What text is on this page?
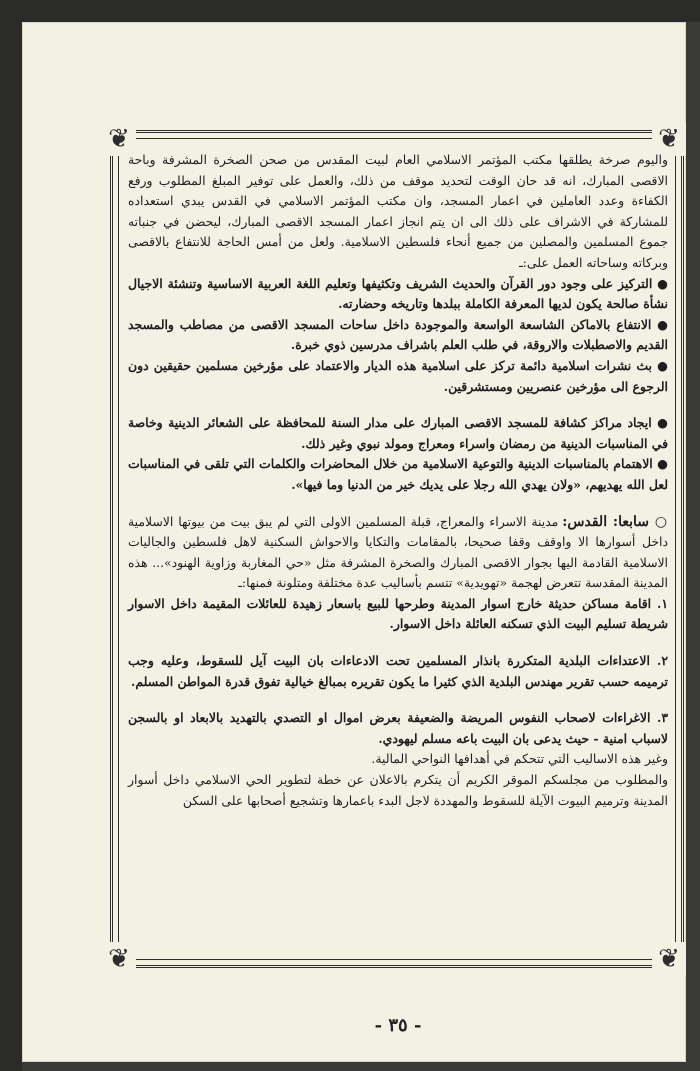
❦	❦
❦	❦

واليوم صرخة يطلقها مكتب المؤتمر الاسلامي العام لبيت المقدس من صحن الصخرة المشرفة وباحة الاقصى المبارك، انه قد حان الوقت لتحديد موقف من ذلك، والعمل على توفير المبلغ المطلوب ورفع الكفاءة وعدد العاملين في اعمار المسجد، وان مكتب المؤتمر الاسلامي في القدس يبدي استعداده للمشاركة في الاشراف على ذلك الى ان يتم انجاز اعمار المسجد الاقصى المبارك، ليحضن في جنباته جموع المسلمين والمصلين من جميع أنحاء فلسطين الاسلامية. ولعل من أمس الحاجة للانتفاع بالاقصى وبركاته وساحاته العمل على:ـ

● التركيز على وجود دور القرآن والحديث الشريف وتكثيفها وتعليم اللغة العربية الاساسية وتنشئة الاجيال نشأة صالحة يكون لديها المعرفة الكاملة ببلدها وتاريخه وحضارته.

● الانتفاع بالاماكن الشاسعة الواسعة والموجودة داخل ساحات المسجد الاقصى من مصاطب والمسجد القديم والاصطبلات والاروقة، في طلب العلم باشراف مدرسين ذوي خبرة.

● بث نشرات اسلامية دائمة تركز على اسلامية هذه الديار والاعتماد على مؤرخين مسلمين حقيقين دون الرجوع الى مؤرخين عنصريين ومستشرقين.

● ايجاد مراكز كشافة للمسجد الاقصى المبارك على مدار السنة للمحافظة على الشعائر الدينية وخاصة في المناسبات الدينية من رمضان واسراء ومعراج ومولد نبوي وغير ذلك.

● الاهتمام بالمناسبات الدينية والتوعية الاسلامية من خلال المحاضرات والكلمات التي تلقى في المناسبات لعل الله يهديهم، «ولان يهدي الله رجلا على يديك خير من الدنيا وما فيها».

○ سابعا: القدس: مدينة الاسراء والمعراج، قبلة المسلمين الاولى التي لم يبق بيت من بيوتها الاسلامية داخل أسوارها الا واوقف وقفا صحيحا، بالمقامات والتكايا والاحواش السكنية لاهل فلسطين والجاليات الاسلامية القادمة اليها بجوار الاقصى المبارك والصخرة المشرفة مثل «حي المغاربة وزاوية الهنود»... هذه المدينة المقدسة تتعرض لهجمة «تهويدية» تتسم بأساليب عدة مختلفة ومتلونة فمنها:ـ

١. اقامة مساكن حديثة خارج اسوار المدينة وطرحها للبيع باسعار زهيدة للعائلات المقيمة داخل الاسوار شريطة تسليم البيت الذي تسكنه العائلة داخل الاسوار.

٢. الاعتداءات البلدية المتكررة بانذار المسلمين تحت الادعاءات بان البيت آيل للسقوط، وعليه وجب ترميمه حسب تقرير مهندس البلدية الذي كثيرا ما يكون تقريره بمبالغ خيالية تفوق قدرة المواطن المسلم.

٣. الاغراءات لاصحاب النفوس المريضة والضعيفة بعرض اموال او التصدي بالتهديد بالابعاد او بالسجن لاسباب امنية - حيث يدعى بان البيت باعه مسلم ليهودي.

وغير هذه الاساليب التي تتحكم في أهدافها النواحي المالية.

والمطلوب من مجلسكم الموقر الكريم أن يتكرم بالاعلان عن خطة لتطوير الحي الاسلامي داخل أسوار المدينة وترميم البيوت الآيلة للسقوط والمهددة لاجل البدء باعمارها وتشجيع أصحابها على السكن

- ٣٥ -
